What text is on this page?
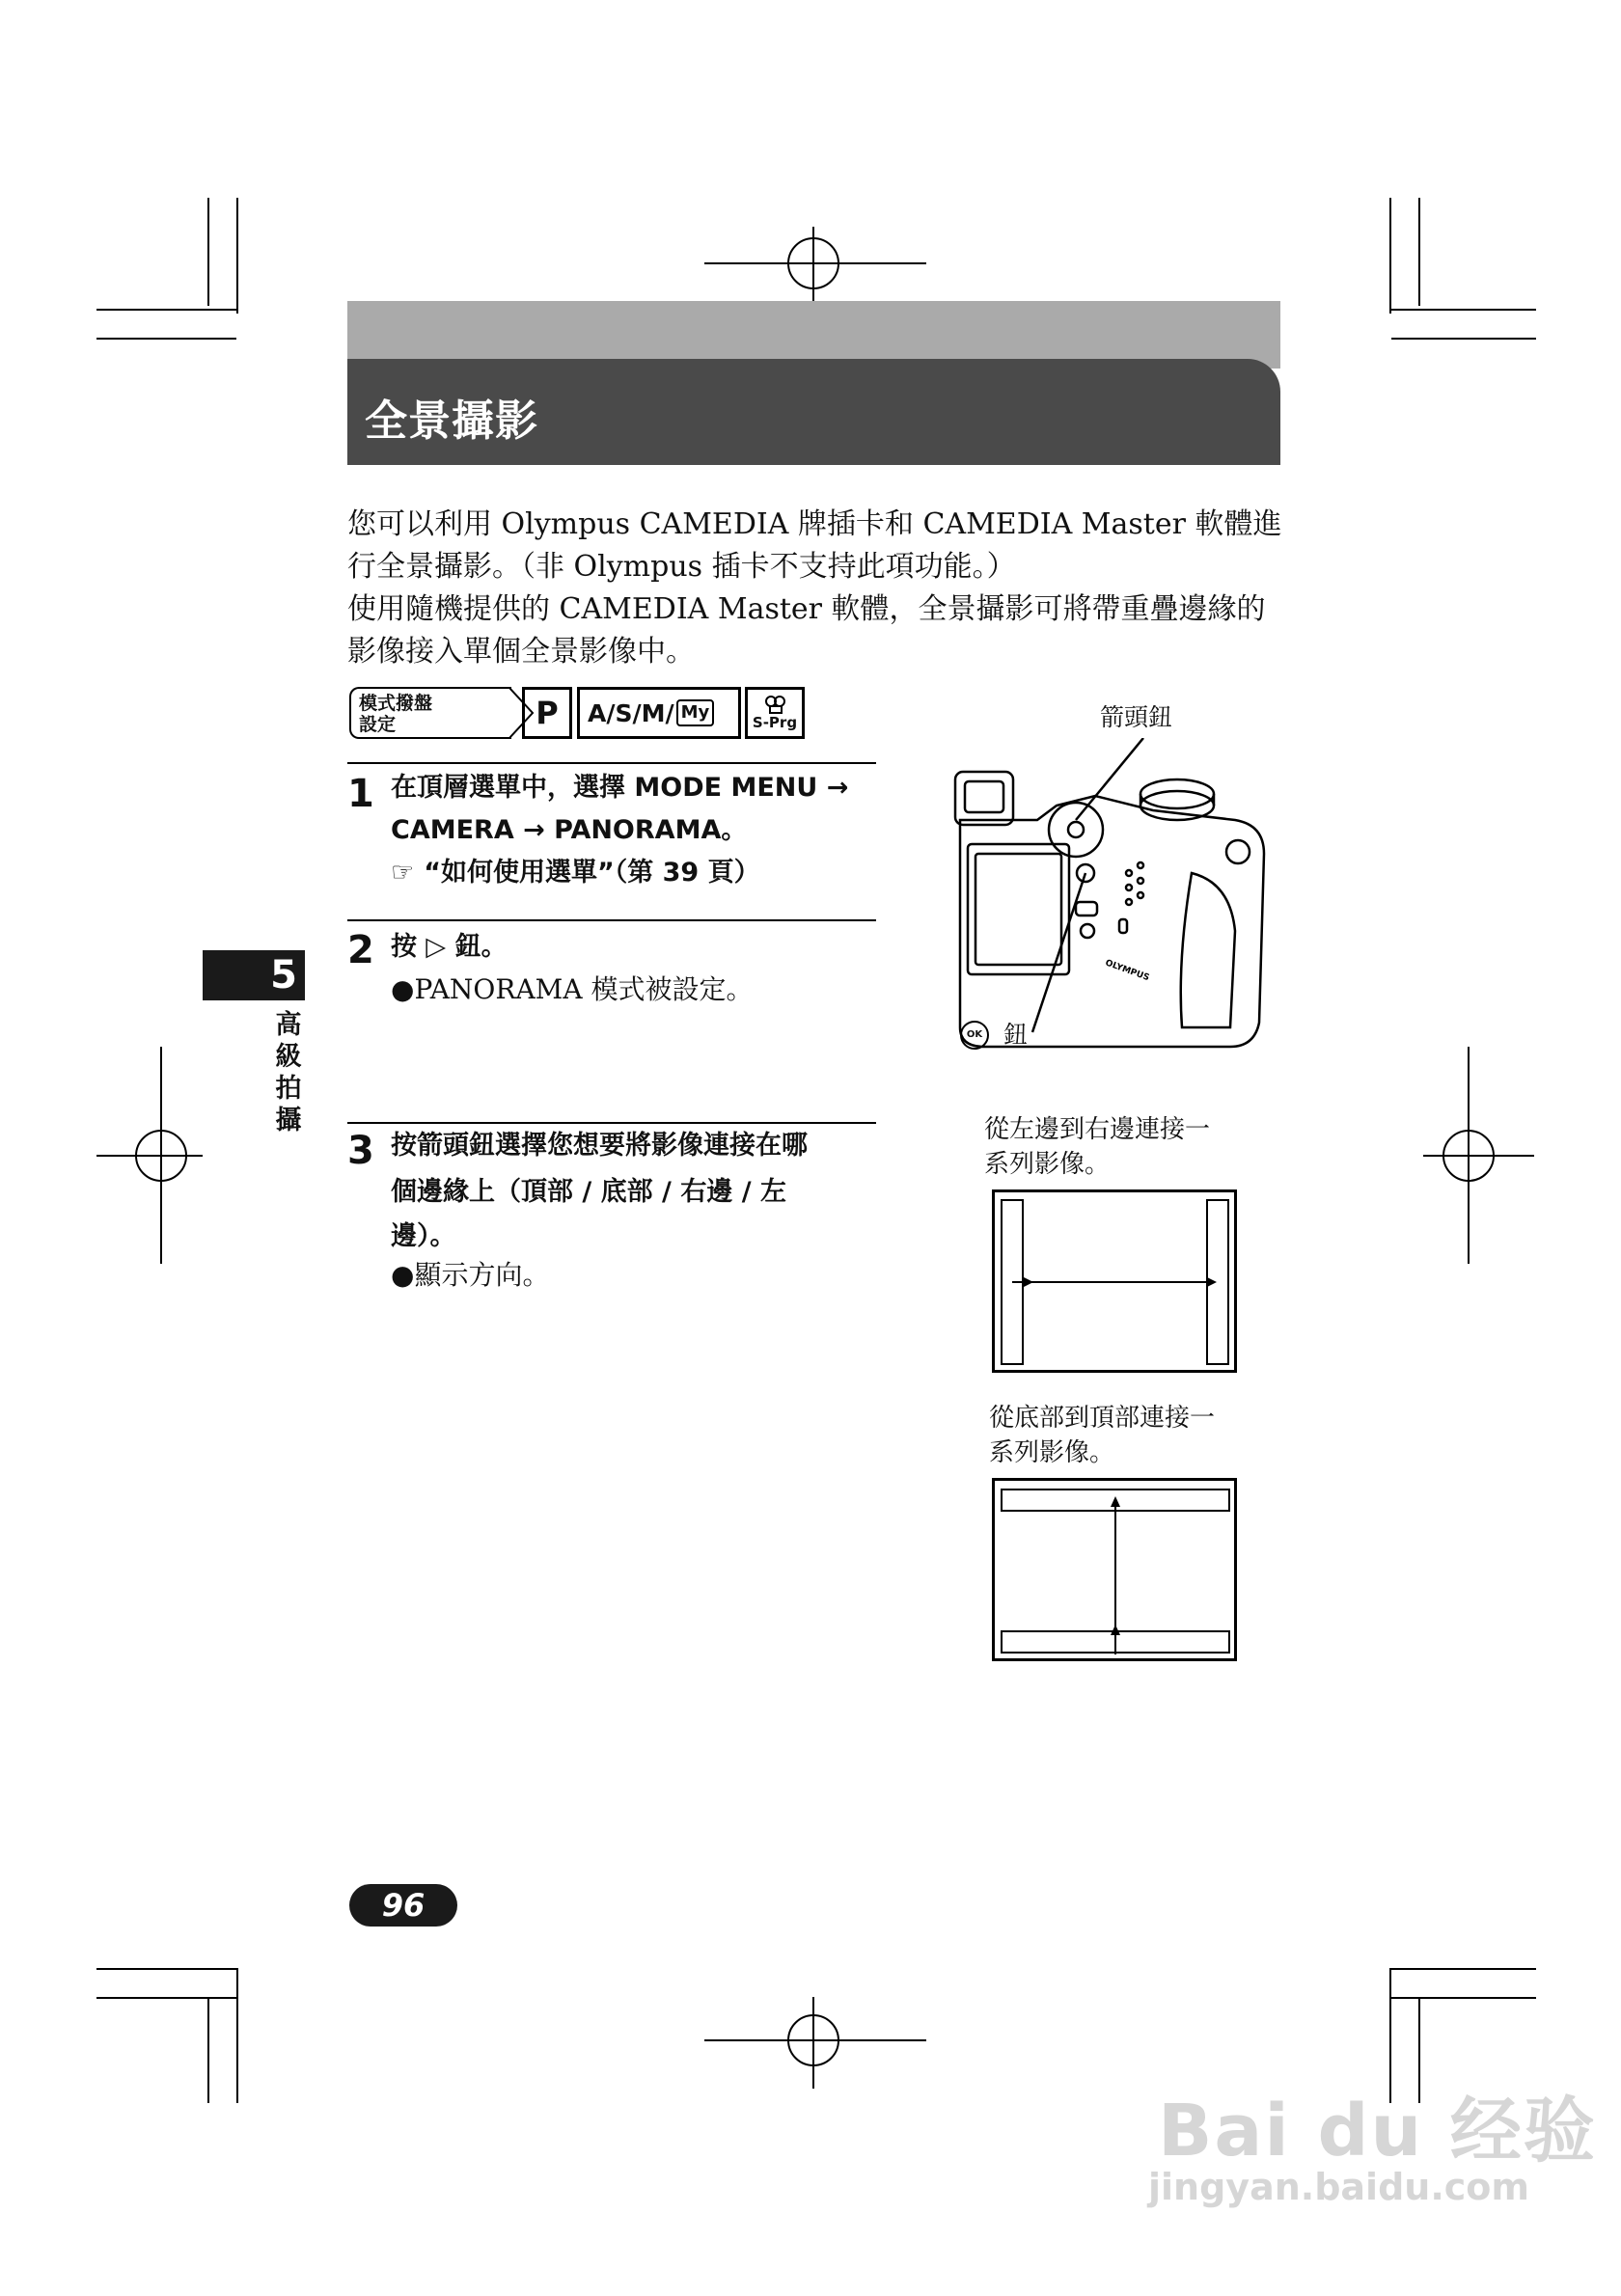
全景攝影
您可以利用 Olympus CAMEDIA 牌插卡和 CAMEDIA Master 軟體進
行全景攝影。（非 Olympus 插卡不支持此項功能。）
使用隨機提供的 CAMEDIA Master 軟體，全景攝影可將帶重疊邊緣的
影像接入單個全景影像中。
模式撥盤
設定	P	A/S/M/ My	S-Prg
1 在頂層選單中，選擇 MODE MENU →
CAMERA → PANORAMA。
☞ “如何使用選單”（第 39 頁）
2 按 ▷ 鈕。
●PANORAMA 模式被設定。
3 按箭頭鈕選擇您想要將影像連接在哪
個邊緣上（頂部 / 底部 / 右邊 / 左
邊）。
●顯示方向。
5
高級拍攝
箭頭鈕
OLYMPUS
OK 鈕
從左邊到右邊連接一
系列影像。
從底部到頂部連接一
系列影像。
96
Bai du 经验
jingyan.baidu.com
